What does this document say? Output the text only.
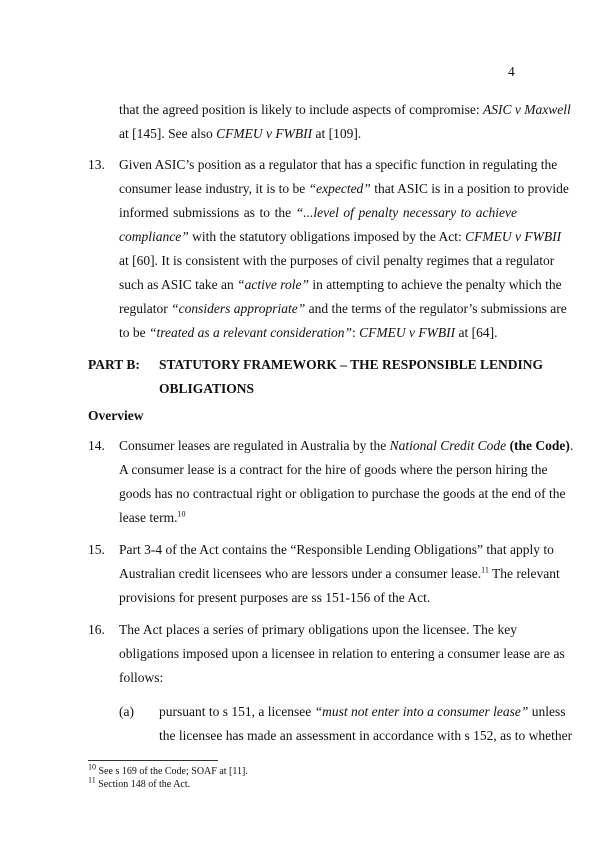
4
that the agreed position is likely to include aspects of compromise: ASIC v Maxwell
at [145]. See also CFMEU v FWBII at [109].
13. Given ASIC’s position as a regulator that has a specific function in regulating the
consumer lease industry, it is to be “expected” that ASIC is in a position to provide
informed submissions as to the “...level of penalty necessary to achieve
compliance” with the statutory obligations imposed by the Act: CFMEU v FWBII
at [60]. It is consistent with the purposes of civil penalty regimes that a regulator
such as ASIC take an “active role” in attempting to achieve the penalty which the
regulator “considers appropriate” and the terms of the regulator’s submissions are
to be “treated as a relevant consideration”: CFMEU v FWBII at [64].
PART B: STATUTORY FRAMEWORK – THE RESPONSIBLE LENDING
OBLIGATIONS
Overview
14. Consumer leases are regulated in Australia by the National Credit Code (the Code).
A consumer lease is a contract for the hire of goods where the person hiring the
goods has no contractual right or obligation to purchase the goods at the end of the
lease term.$^{10}$
15. Part 3-4 of the Act contains the “Responsible Lending Obligations” that apply to
Australian credit licensees who are lessors under a consumer lease.$^{11}$ The relevant
provisions for present purposes are ss 151-156 of the Act.
16. The Act places a series of primary obligations upon the licensee. The key
obligations imposed upon a licensee in relation to entering a consumer lease are as
follows:
(a) pursuant to s 151, a licensee “must not enter into a consumer lease” unless
the licensee has made an assessment in accordance with s 152, as to whether
$^{10}$ See s 169 of the Code; SOAF at [11].
$^{11}$ Section 148 of the Act.
